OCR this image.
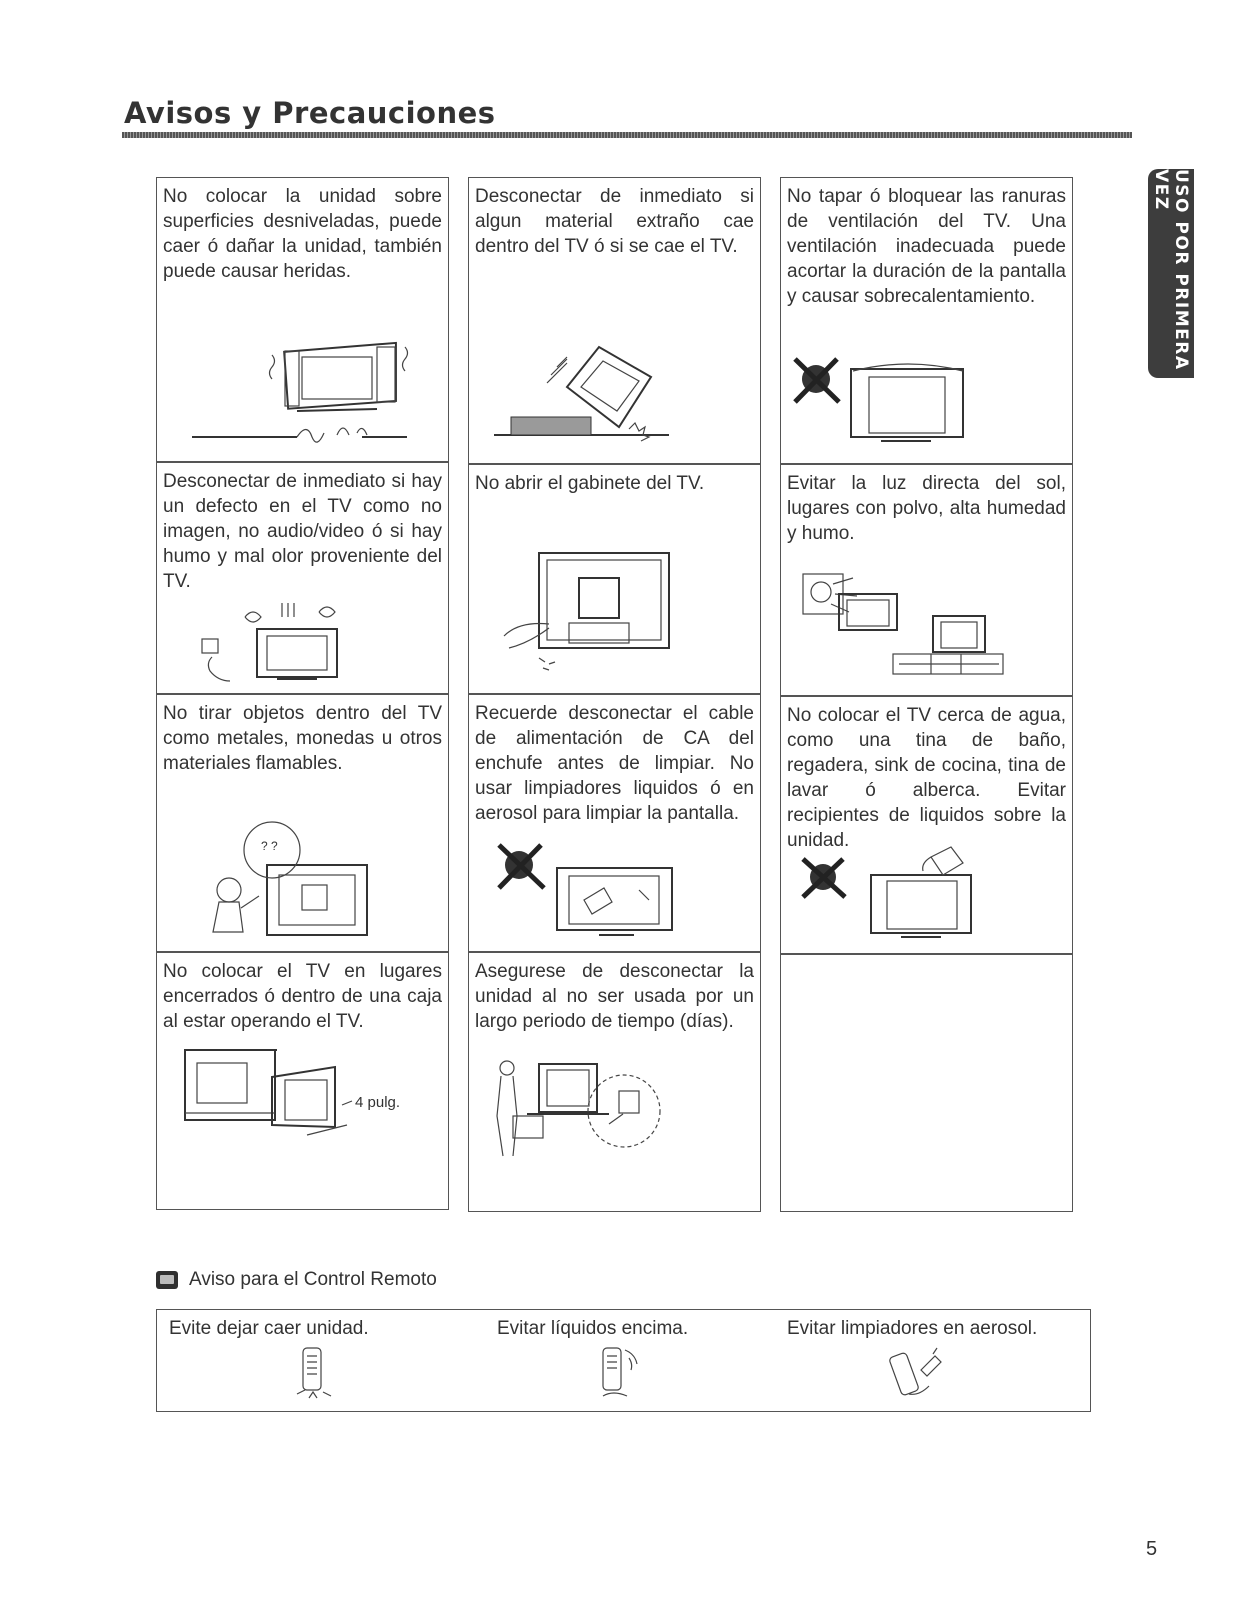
Avisos y Precauciones
USO POR PRIMERA VEZ

No colocar la unidad sobre superficies desniveladas, puede caer ó dañar la unidad, también puede causar heridas.

Desconectar de inmediato si hay un defecto en el TV como no imagen, no audio/video ó si hay humo y mal olor proveniente del TV.

No tirar objetos dentro del TV como metales, monedas u otros materiales flamables.

? ?

No colocar el TV en lugares encerrados ó dentro de una caja al estar operando el TV.

4 pulg.

Desconectar de inmediato si algun material extraño cae dentro del TV ó si se cae el TV.

No abrir el gabinete del TV.

Recuerde desconectar el cable de alimentación de CA del enchufe antes de limpiar. No usar limpiadores liquidos ó en aerosol para limpiar la pantalla.

Asegurese de desconectar la unidad al no ser usada por un largo periodo de tiempo (días).

No tapar ó bloquear las ranuras de ventilación del TV. Una ventilación inadecuada puede acortar la duración de la pantalla y causar sobrecalentamiento.

Evitar la luz directa del sol, lugares con polvo, alta humedad y humo.

No colocar el TV cerca de agua, como una tina de baño, regadera, sink de cocina, tina de lavar ó alberca. Evitar recipientes de liquidos sobre la unidad.

Aviso para el Control Remoto
Evite dejar caer unidad.	Evitar líquidos encima.	Evitar limpiadores en aerosol.
5
